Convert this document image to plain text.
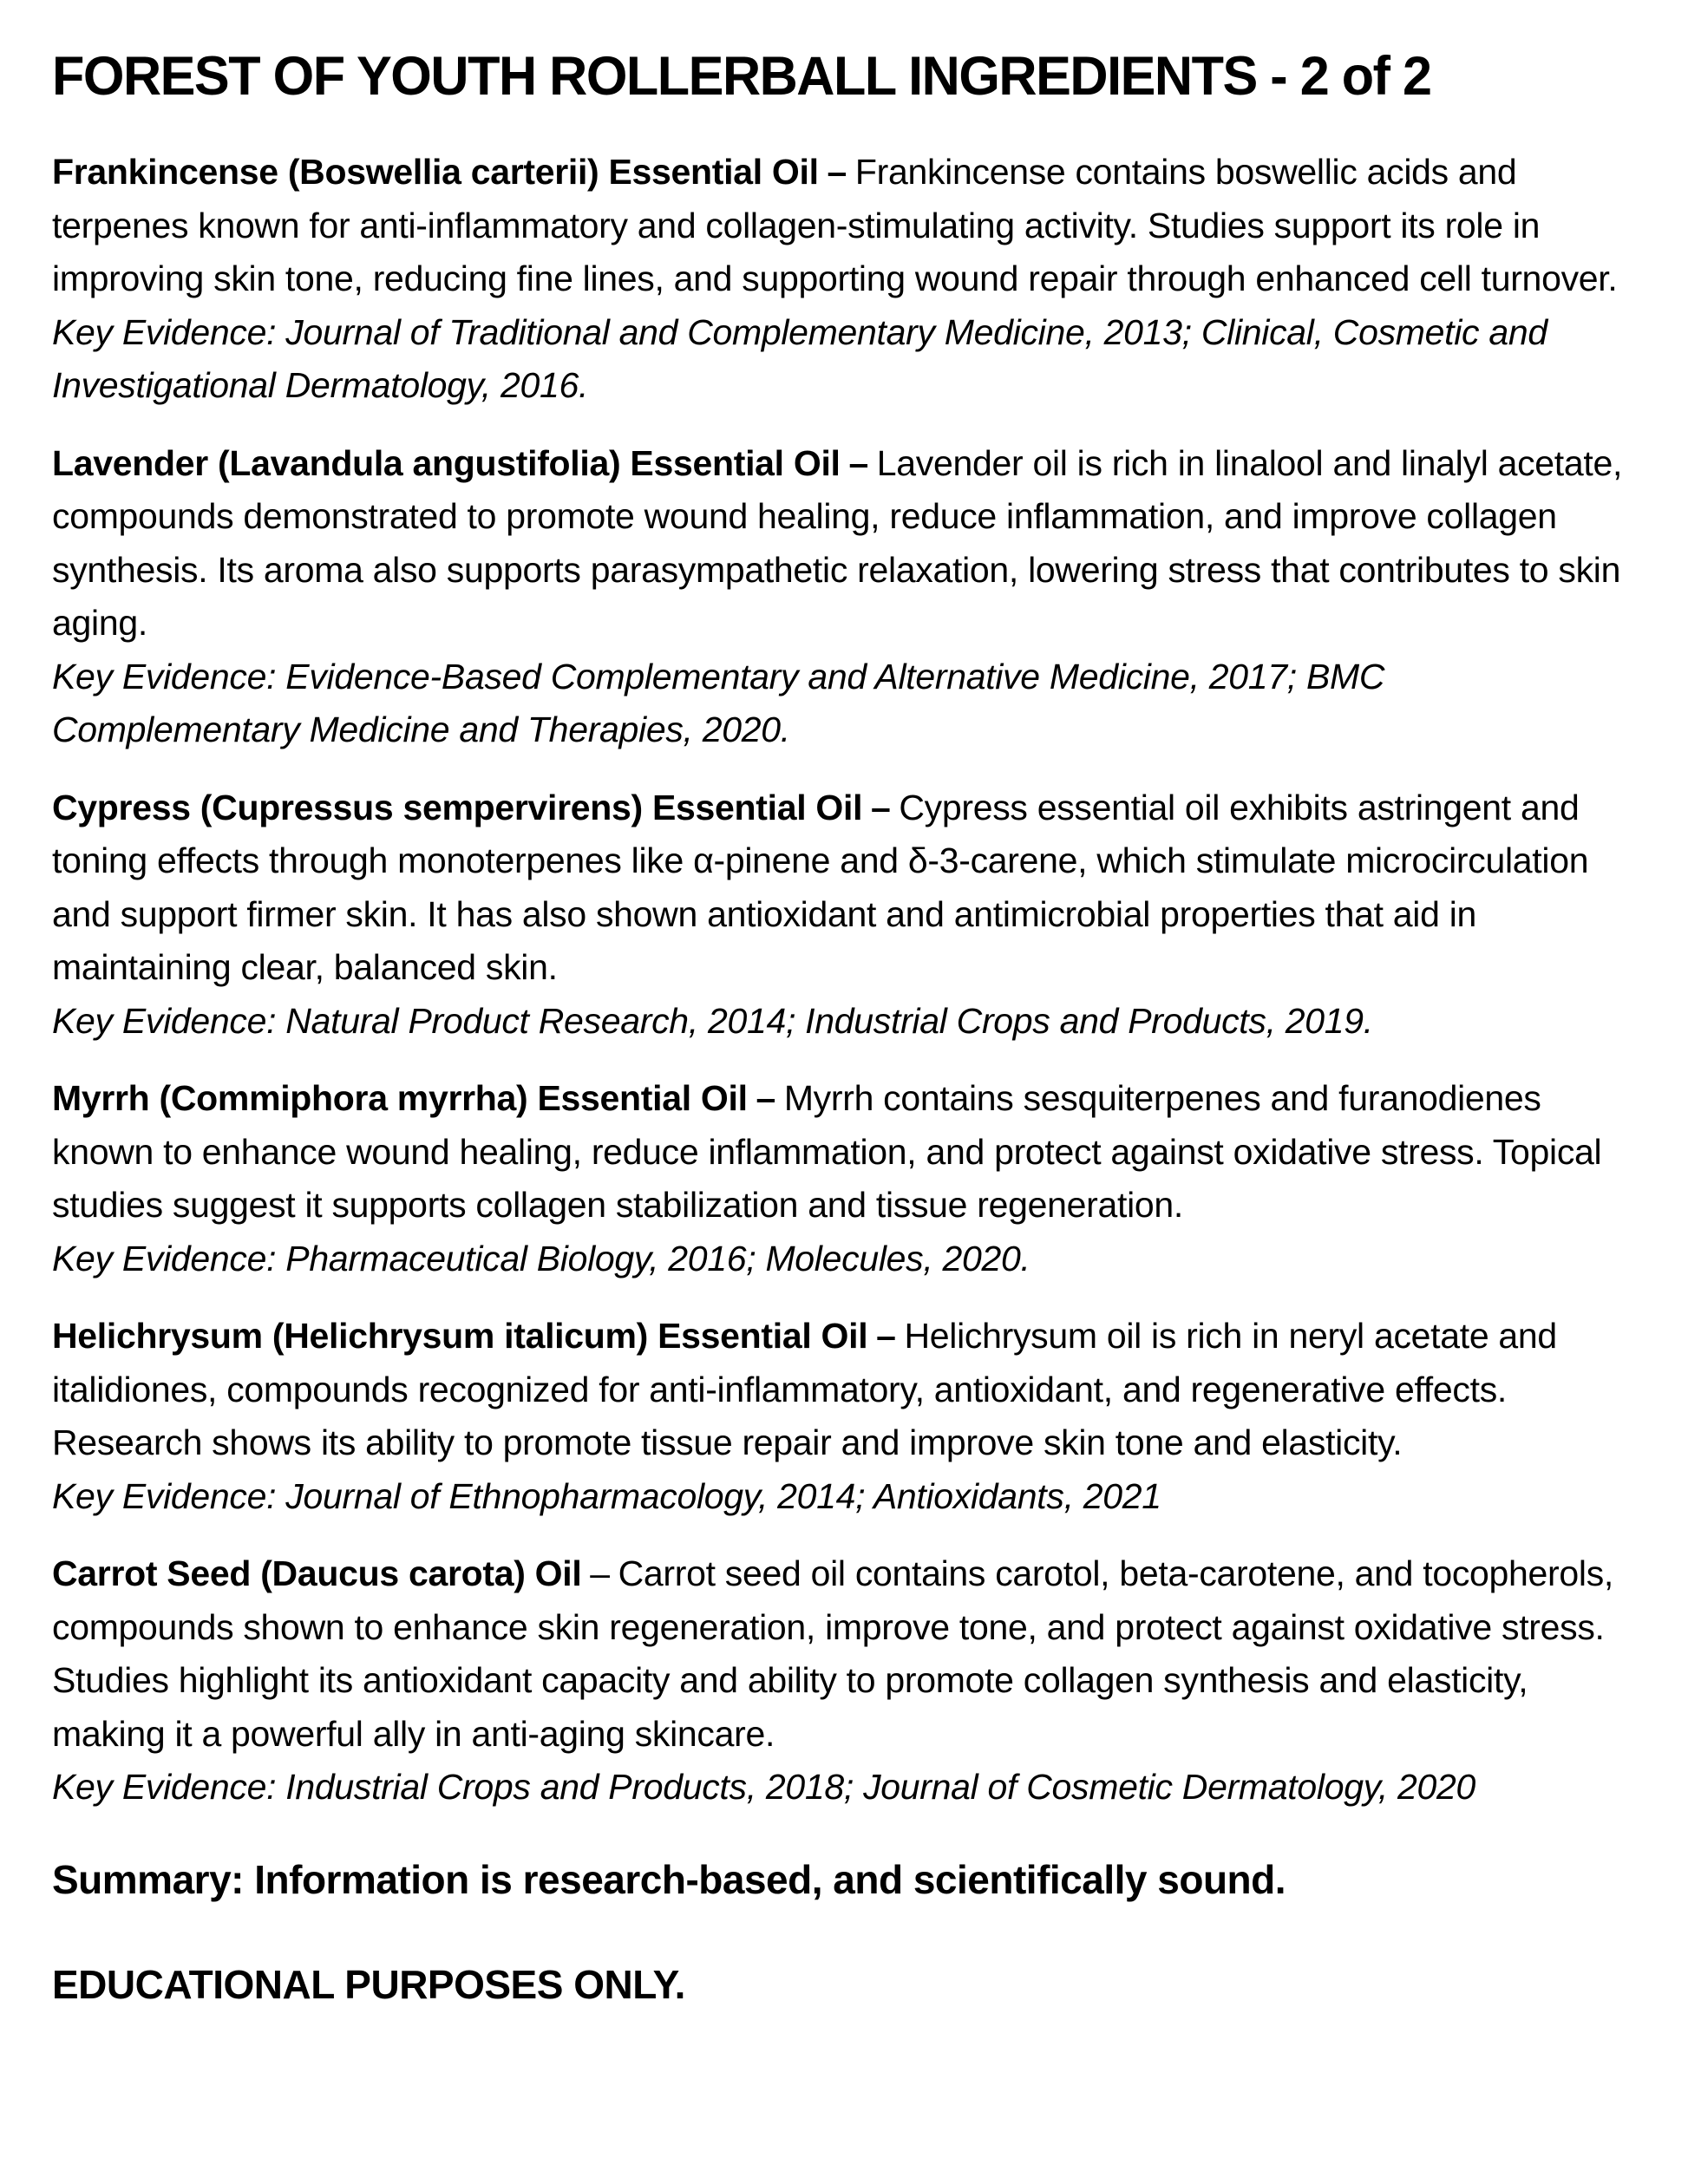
FOREST OF YOUTH ROLLERBALL INGREDIENTS - 2 of 2

Frankincense (Boswellia carterii) Essential Oil – Frankincense contains boswellic acids and terpenes known for anti-inflammatory and collagen-stimulating activity. Studies support its role in improving skin tone, reducing fine lines, and supporting wound repair through enhanced cell turnover.

Key Evidence: Journal of Traditional and Complementary Medicine, 2013; Clinical, Cosmetic and Investigational Dermatology, 2016.

Lavender (Lavandula angustifolia) Essential Oil – Lavender oil is rich in linalool and linalyl acetate, compounds demonstrated to promote wound healing, reduce inflammation, and improve collagen synthesis. Its aroma also supports parasympathetic relaxation, lowering stress that contributes to skin aging.

Key Evidence: Evidence-Based Complementary and Alternative Medicine, 2017; BMC Complementary Medicine and Therapies, 2020.

Cypress (Cupressus sempervirens) Essential Oil – Cypress essential oil exhibits astringent and toning effects through monoterpenes like α-pinene and δ-3-carene, which stimulate microcirculation and support firmer skin. It has also shown antioxidant and antimicrobial properties that aid in maintaining clear, balanced skin.

Key Evidence: Natural Product Research, 2014; Industrial Crops and Products, 2019.

Myrrh (Commiphora myrrha) Essential Oil – Myrrh contains sesquiterpenes and furanodienes known to enhance wound healing, reduce inflammation, and protect against oxidative stress. Topical studies suggest it supports collagen stabilization and tissue regeneration.

Key Evidence: Pharmaceutical Biology, 2016; Molecules, 2020.

Helichrysum (Helichrysum italicum) Essential Oil – Helichrysum oil is rich in neryl acetate and italidiones, compounds recognized for anti-inflammatory, antioxidant, and regenerative effects. Research shows its ability to promote tissue repair and improve skin tone and elasticity.

Key Evidence: Journal of Ethnopharmacology, 2014; Antioxidants, 2021

Carrot Seed (Daucus carota) Oil – Carrot seed oil contains carotol, beta-carotene, and tocopherols, compounds shown to enhance skin regeneration, improve tone, and protect against oxidative stress. Studies highlight its antioxidant capacity and ability to promote collagen synthesis and elasticity, making it a powerful ally in anti-aging skincare.

Key Evidence: Industrial Crops and Products, 2018; Journal of Cosmetic Dermatology, 2020

Summary: Information is research-based, and scientifically sound.

EDUCATIONAL PURPOSES ONLY.
